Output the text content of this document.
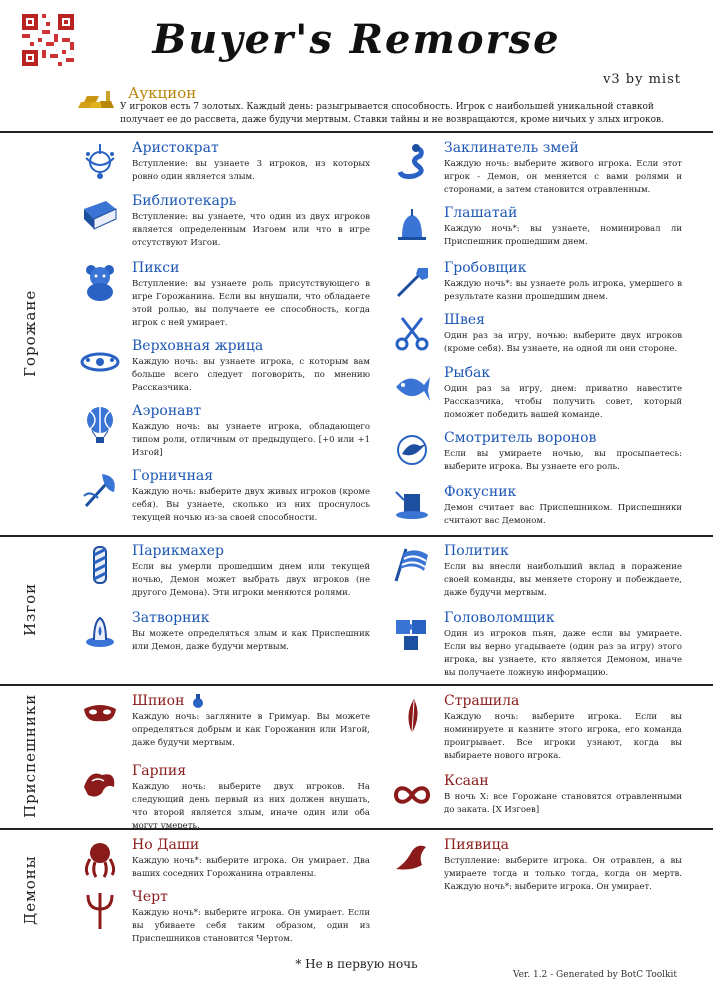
Buyer's Remorse
v3 by mist
Аукцион
У игроков есть 7 золотых. Каждый день: разыгрывается способность. Игрок с наибольшей уникальной ставкой получает ее до рассвета, даже будучи мертвым. Ставки тайны и не возвращаются, кроме ничьих у злых игроков.
Горожане
Изгои
Приспешники
Демоны
Аристократ
Вступление: вы узнаете 3 игроков, из которых ровно один является злым.
Библиотекарь
Вступление: вы узнаете, что один из двух игроков является определенным Изгоем или что в игре отсутствуют Изгои.
Пикси
Вступление: вы узнаете роль присутствующего в игре Горожанина. Если вы внушали, что обладаете этой ролью, вы получаете ее способность, когда игрок с ней умирает.
Верховная жрица
Каждую ночь: вы узнаете игрока, с которым вам больше всего следует поговорить, по мнению Рассказчика.
Аэронавт
Каждую ночь: вы узнаете игрока, обладающего типом роли, отличным от предыдущего. [+0 или +1 Изгой]
Горничная
Каждую ночь: выберите двух живых игроков (кроме себя). Вы узнаете, сколько из них проснулось текущей ночью из-за своей способности.
Заклинатель змей
Каждую ночь: выберите живого игрока. Если этот игрок - Демон, он меняется с вами ролями и сторонами, а затем становится отравленным.
Глашатай
Каждую ночь*: вы узнаете, номинировал ли Приспешник прошедшим днем.
Гробовщик
Каждую ночь*: вы узнаете роль игрока, умершего в результате казни прошедшим днем.
Швея
Один раз за игру, ночью: выберите двух игроков (кроме себя). Вы узнаете, на одной ли они стороне.
Рыбак
Один раз за игру, днем: приватно навестите Рассказчика, чтобы получить совет, который поможет победить вашей команде.
Смотритель воронов
Если вы умираете ночью, вы просыпаетесь: выберите игрока. Вы узнаете его роль.
Фокусник
Демон считает вас Приспешником. Приспешники считают вас Демоном.
Парикмахер
Если вы умерли прошедшим днем или текущей ночью, Демон может выбрать двух игроков (не другого Демона). Эти игроки меняются ролями.
Затворник
Вы можете определяться злым и как Приспешник или Демон, даже будучи мертвым.
Политик
Если вы внесли наибольший вклад в поражение своей команды, вы меняете сторону и побеждаете, даже будучи мертвым.
Головоломщик
Один из игроков пьян, даже если вы умираете. Если вы верно угадываете (один раз за игру) этого игрока, вы узнаете, кто является Демоном, иначе вы получаете ложную информацию.
Шпион
Каждую ночь: загляните в Гримуар. Вы можете определяться добрым и как Горожанин или Изгой, даже будучи мертвым.
Гарпия
Каждую ночь: выберите двух игроков. На следующий день первый из них должен внушать, что второй является злым, иначе один или оба могут умереть.
Страшила
Каждую ночь: выберите игрока. Если вы номинируете и казните этого игрока, его команда проигрывает. Все игроки узнают, когда вы выбираете нового игрока.
Ксаан
В ночь X: все Горожане становятся отравленными до заката. [X Изгоев]
Но Даши
Каждую ночь*: выберите игрока. Он умирает. Два ваших соседних Горожанина отравлены.
Черт
Каждую ночь*: выберите игрока. Он умирает. Если вы убиваете себя таким образом, один из Приспешников становится Чертом.
Пиявица
Вступление: выберите игрока. Он отравлен, а вы умираете тогда и только тогда, когда он мертв. Каждую ночь*: выберите игрока. Он умирает.
* Не в первую ночь
Ver. 1.2 - Generated by BotC Toolkit
